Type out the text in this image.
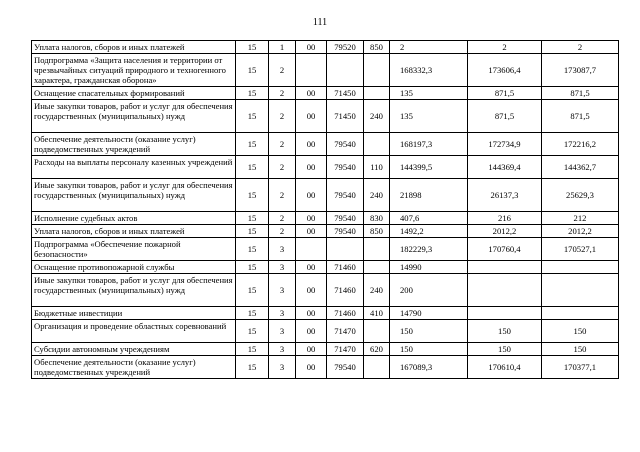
111
Уплата налогов, сборов и иных платежей	15	1	00	79520	850	2	2	2
Подпрограмма «Защита населения и территории от чрезвычайных ситуаций природного и техногенного характера, гражданская оборона»	15	2				168332,3	173606,4	173087,7
Оснащение спасательных формирований	15	2	00	71450		135	871,5	871,5
Иные закупки товаров, работ и услуг для обеспечения государственных (муниципальных) нужд	15	2	00	71450	240	135	871,5	871,5
Обеспечение деятельности (оказание услуг) подведомственных учреждений	15	2	00	79540		168197,3	172734,9	172216,2
Расходы на выплаты персоналу казенных учреждений	15	2	00	79540	110	144399,5	144369,4	144362,7
Иные закупки товаров, работ и услуг для обеспечения государственных (муниципальных) нужд	15	2	00	79540	240	21898	26137,3	25629,3
Исполнение судебных актов	15	2	00	79540	830	407,6	216	212
Уплата налогов, сборов и иных платежей	15	2	00	79540	850	1492,2	2012,2	2012,2
Подпрограмма «Обеспечение пожарной безопасности»	15	3				182229,3	170760,4	170527,1
Оснащение противопожарной службы	15	3	00	71460		14990		
Иные закупки товаров, работ и услуг для обеспечения государственных (муниципальных) нужд	15	3	00	71460	240	200		
Бюджетные инвестиции	15	3	00	71460	410	14790		
Организация и проведение областных соревнований	15	3	00	71470		150	150	150
Субсидии автономным учреждениям	15	3	00	71470	620	150	150	150
Обеспечение деятельности (оказание услуг) подведомственных учреждений	15	3	00	79540		167089,3	170610,4	170377,1
